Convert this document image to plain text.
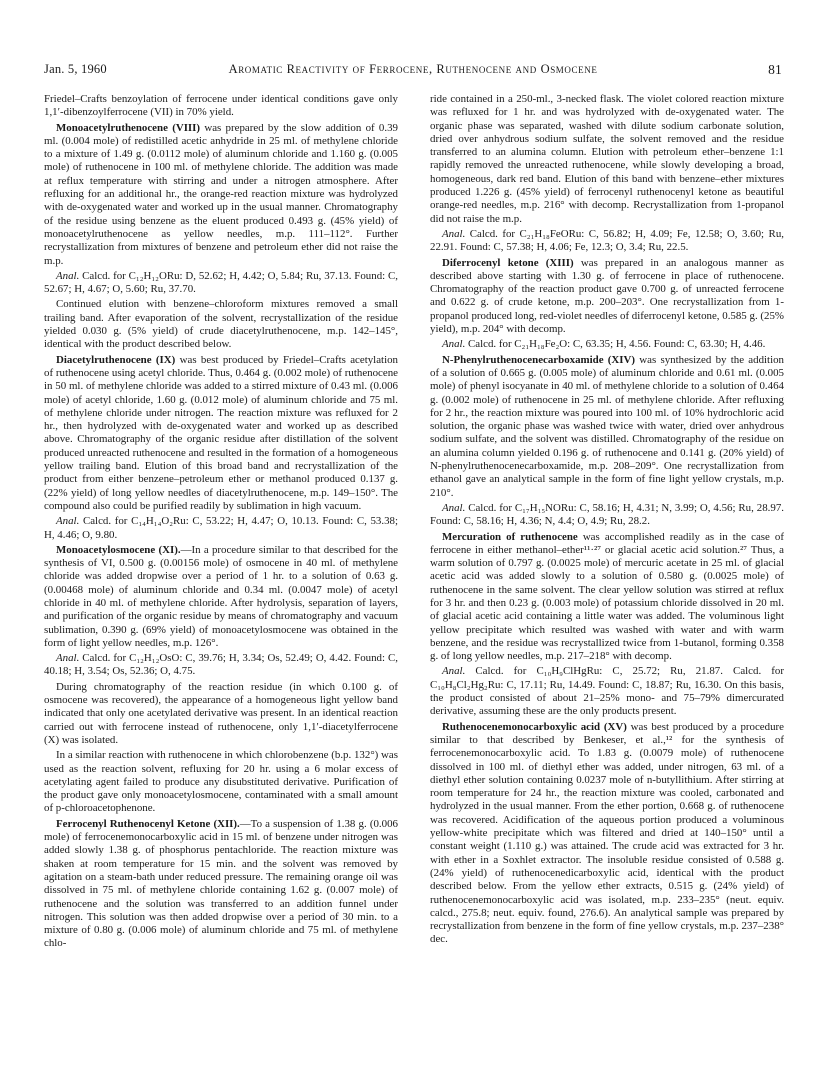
Jan. 5, 1960	Aromatic Reactivity of Ferrocene, Ruthenocene and Osmocene	81

Friedel–Crafts benzoylation of ferrocene under identical conditions gave only 1,1′-dibenzoylferrocene (VII) in 70% yield.

Monoacetylruthenocene (VIII) was prepared by the slow addition of 0.39 ml. (0.004 mole) of redistilled acetic anhydride in 25 ml. of methylene chloride to a mixture of 1.49 g. (0.0112 mole) of aluminum chloride and 1.160 g. (0.005 mole) of ruthenocene in 100 ml. of methylene chloride. The addition was made at reflux temperature with stirring and under a nitrogen atmosphere. After refluxing for an additional hr., the orange-red reaction mixture was hydrolyzed with de-oxygenated water and worked up in the usual manner. Chromatography of the residue using benzene as the eluent produced 0.493 g. (45% yield) of monoacetylruthenocene as yellow needles, m.p. 111–112°. Further recrystallization from mixtures of benzene and petroleum ether did not raise the m.p.

Anal. Calcd. for C₁₂H₁₂ORu: D, 52.62; H, 4.42; O, 5.84; Ru, 37.13. Found: C, 52.67; H, 4.67; O, 5.60; Ru, 37.70.

Continued elution with benzene–chloroform mixtures removed a small trailing band. After evaporation of the solvent, recrystallization of the residue yielded 0.030 g. (5% yield) of crude diacetylruthenocene, m.p. 142–145°, identical with the product described below.

Diacetylruthenocene (IX) was best produced by Friedel–Crafts acetylation of ruthenocene using acetyl chloride. Thus, 0.464 g. (0.002 mole) of ruthenocene in 50 ml. of methylene chloride was added to a stirred mixture of 0.43 ml. (0.006 mole) of acetyl chloride, 1.60 g. (0.012 mole) of aluminum chloride and 75 ml. of methylene chloride under nitrogen. The reaction mixture was refluxed for 2 hr., then hydrolyzed with de-oxygenated water and worked up as described above. Chromatography of the organic residue after distillation of the solvent produced unreacted ruthenocene and resulted in the formation of a homogeneous yellow trailing band. Elution of this broad band and recrystallization of the product from either benzene–petroleum ether or methanol produced 0.137 g. (22% yield) of long yellow needles of diacetylruthenocene, m.p. 149–150°. The compound also could be purified readily by sublimation in high vacuum.

Anal. Calcd. for C₁₄H₁₄O₂Ru: C, 53.22; H, 4.47; O, 10.13. Found: C, 53.38; H, 4.46; O, 9.80.

Monoacetylosmocene (XI).—In a procedure similar to that described for the synthesis of VI, 0.500 g. (0.00156 mole) of osmocene in 40 ml. of methylene chloride was added dropwise over a period of 1 hr. to a solution of 0.63 g. (0.00468 mole) of aluminum chloride and 0.34 ml. (0.0047 mole) of acetyl chloride in 40 ml. of methylene chloride. After hydrolysis, separation of layers, and purification of the organic residue by means of chromatography and vacuum sublimation, 0.390 g. (69% yield) of monoacetylosmocene was obtained in the form of light yellow needles, m.p. 126°.

Anal. Calcd. for C₁₂H₁₂OsO: C, 39.76; H, 3.34; Os, 52.49; O, 4.42. Found: C, 40.18; H, 3.54; Os, 52.36; O, 4.75.

During chromatography of the reaction residue (in which 0.100 g. of osmocene was recovered), the appearance of a homogeneous light yellow band indicated that only one acetylated derivative was present. In an identical reaction carried out with ferrocene instead of ruthenocene, only 1,1′-diacetylferrocene (X) was isolated.

In a similar reaction with ruthenocene in which chlorobenzene (b.p. 132°) was used as the reaction solvent, refluxing for 20 hr. using a 6 molar excess of acetylating agent failed to produce any disubstituted derivative. Purification of the product gave only monoacetylosmocene, contaminated with a small amount of p-chloroacetophenone.

Ferrocenyl Ruthenocenyl Ketone (XII).—To a suspension of 1.38 g. (0.006 mole) of ferrocenemonocarboxylic acid in 15 ml. of benzene under nitrogen was added slowly 1.38 g. of phosphorus pentachloride. The reaction mixture was shaken at room temperature for 15 min. and the solvent was removed by agitation on a steam-bath under reduced pressure. The remaining orange oil was dissolved in 75 ml. of methylene chloride containing 1.62 g. (0.007 mole) of ruthenocene and the solution was transferred to an addition funnel under nitrogen. This solution was then added dropwise over a period of 30 min. to a mixture of 0.80 g. (0.006 mole) of aluminum chloride and 75 ml. of methylene chlo-

ride contained in a 250-ml., 3-necked flask. The violet colored reaction mixture was refluxed for 1 hr. and was hydrolyzed with de-oxygenated water. The organic phase was separated, washed with dilute sodium carbonate solution, dried over anhydrous sodium sulfate, the solvent removed and the residue transferred to an alumina column. Elution with petroleum ether–benzene 1:1 rapidly removed the unreacted ruthenocene, while slowly developing a broad, homogeneous, dark red band. Elution of this band with benzene–ether mixtures produced 1.226 g. (45% yield) of ferrocenyl ruthenocenyl ketone as beautiful orange-red needles, m.p. 216° with decomp. Recrystallization from 1-propanol did not raise the m.p.

Anal. Calcd. for C₂₁H₁₈FeORu: C, 56.82; H, 4.09; Fe, 12.58; O, 3.60; Ru, 22.91. Found: C, 57.38; H, 4.06; Fe, 12.3; O, 3.4; Ru, 22.5.

Diferrocenyl ketone (XIII) was prepared in an analogous manner as described above starting with 1.30 g. of ferrocene in place of ruthenocene. Chromatography of the reaction product gave 0.700 g. of unreacted ferrocene and 0.622 g. of crude ketone, m.p. 200–203°. One recrystallization from 1-propanol produced long, red-violet needles of diferrocenyl ketone, 0.585 g. (25% yield), m.p. 204° with decomp.

Anal. Calcd. for C₂₁H₁₈Fe₂O: C, 63.35; H, 4.56. Found: C, 63.30; H, 4.46.

N-Phenylruthenocenecarboxamide (XIV) was synthesized by the addition of a solution of 0.665 g. (0.005 mole) of aluminum chloride and 0.61 ml. (0.005 mole) of phenyl isocyanate in 40 ml. of methylene chloride to a solution of 0.464 g. (0.002 mole) of ruthenocene in 25 ml. of methylene chloride. After refluxing for 2 hr., the reaction mixture was poured into 100 ml. of 10% hydrochloric acid solution, the organic phase was washed twice with water, dried over anhydrous sodium sulfate, and the solvent was distilled. Chromatography of the residue on an alumina column yielded 0.196 g. of ruthenocene and 0.141 g. (20% yield) of N-phenylruthenocenecarboxamide, m.p. 208–209°. One recrystallization from ethanol gave an analytical sample in the form of fine light yellow crystals, m.p. 210°.

Anal. Calcd. for C₁₇H₁₅NORu: C, 58.16; H, 4.31; N, 3.99; O, 4.56; Ru, 28.97. Found: C, 58.16; H, 4.36; N, 4.4; O, 4.9; Ru, 28.2.

Mercuration of ruthenocene was accomplished readily as in the case of ferrocene in either methanol–ether¹¹·²⁷ or glacial acetic acid solution.²⁷ Thus, a warm solution of 0.797 g. (0.0025 mole) of mercuric acetate in 25 ml. of glacial acetic acid was added slowly to a solution of 0.580 g. (0.0025 mole) of ruthenocene in the same solvent. The clear yellow solution was stirred at reflux for 3 hr. and then 0.23 g. (0.003 mole) of potassium chloride dissolved in 20 ml. of glacial acetic acid containing a little water was added. The voluminous light yellow precipitate which resulted was washed with water and with warm benzene, and the residue was recrystallized twice from 1-butanol, forming 0.358 g. of long yellow needles, m.p. 217–218° with decomp.

Anal. Calcd. for C₁₀H₉ClHgRu: C, 25.72; Ru, 21.87. Calcd. for C₁₀H₈Cl₂Hg₂Ru: C, 17.11; Ru, 14.49. Found: C, 18.87; Ru, 16.30. On this basis, the product consisted of about 21–25% mono- and 75–79% dimercurated derivative, assuming these are the only products present.

Ruthenocenemonocarboxylic acid (XV) was best produced by a procedure similar to that described by Benkeser, et al.,¹² for the synthesis of ferrocenemonocarboxylic acid. To 1.83 g. (0.0079 mole) of ruthenocene dissolved in 100 ml. of diethyl ether was added, under nitrogen, 63 ml. of a diethyl ether solution containing 0.0237 mole of n-butyllithium. After stirring at room temperature for 24 hr., the reaction mixture was cooled, carbonated and hydrolyzed in the usual manner. From the ether portion, 0.668 g. of ruthenocene was recovered. Acidification of the aqueous portion produced a voluminous yellow-white precipitate which was filtered and dried at 140–150° until a constant weight (1.110 g.) was attained. The crude acid was extracted for 3 hr. with ether in a Soxhlet extractor. The insoluble residue consisted of 0.588 g. (24% yield) of ruthenocenedicarboxylic acid, identical with the product described below. From the yellow ether extracts, 0.515 g. (24% yield) of ruthenocenemonocarboxylic acid was isolated, m.p. 233–235° (neut. equiv. calcd., 275.8; neut. equiv. found, 276.6). An analytical sample was prepared by recrystallization from benzene in the form of fine yellow crystals, m.p. 237–238° dec.
